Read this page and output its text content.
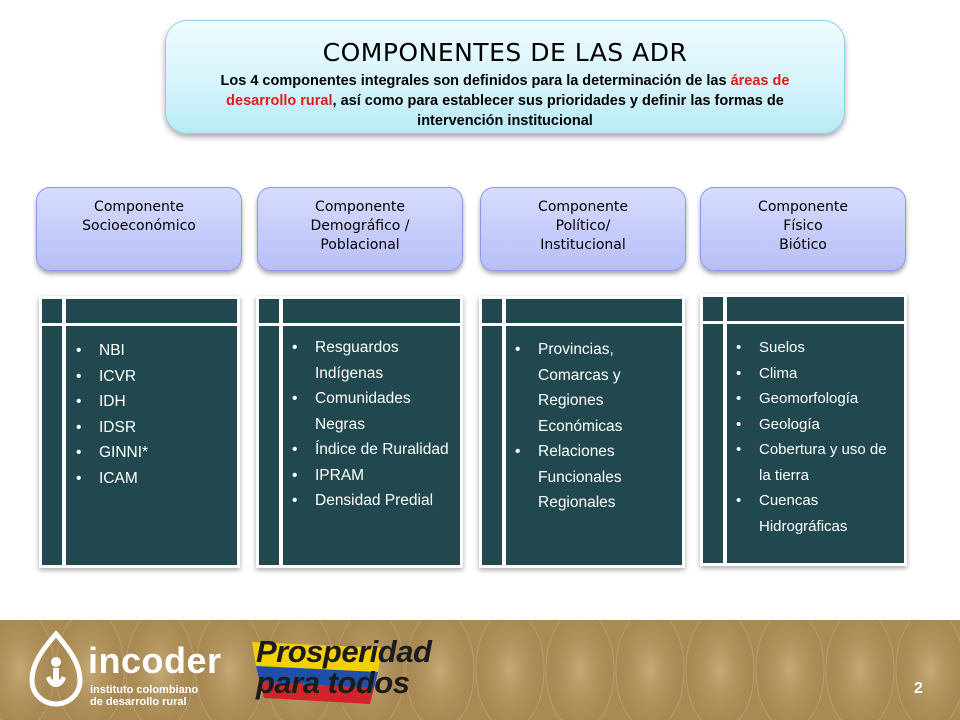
COMPONENTES DE LAS ADR
Los 4 componentes integrales son definidos para la determinación de las áreas de desarrollo rural, así como para establecer sus prioridades y definir las formas de intervención institucional
Componente
Socioeconómico
Componente
Demográfico /
Poblacional
Componente
Político/
Institucional
Componente
Físico
Biótico
• NBI
• ICVR
• IDH
• IDSR
• GINNI*
• ICAM
• Resguardos Indígenas
• Comunidades Negras
• Índice de Ruralidad
• IPRAM
• Densidad Predial
• Provincias, Comarcas y Regiones Económicas
• Relaciones Funcionales Regionales
• Suelos
• Clima
• Geomorfología
• Geología
• Cobertura y uso de la tierra
• Cuencas Hidrográficas
incoder
instituto colombiano
de desarrollo rural
Prosperidad
para todos	2
